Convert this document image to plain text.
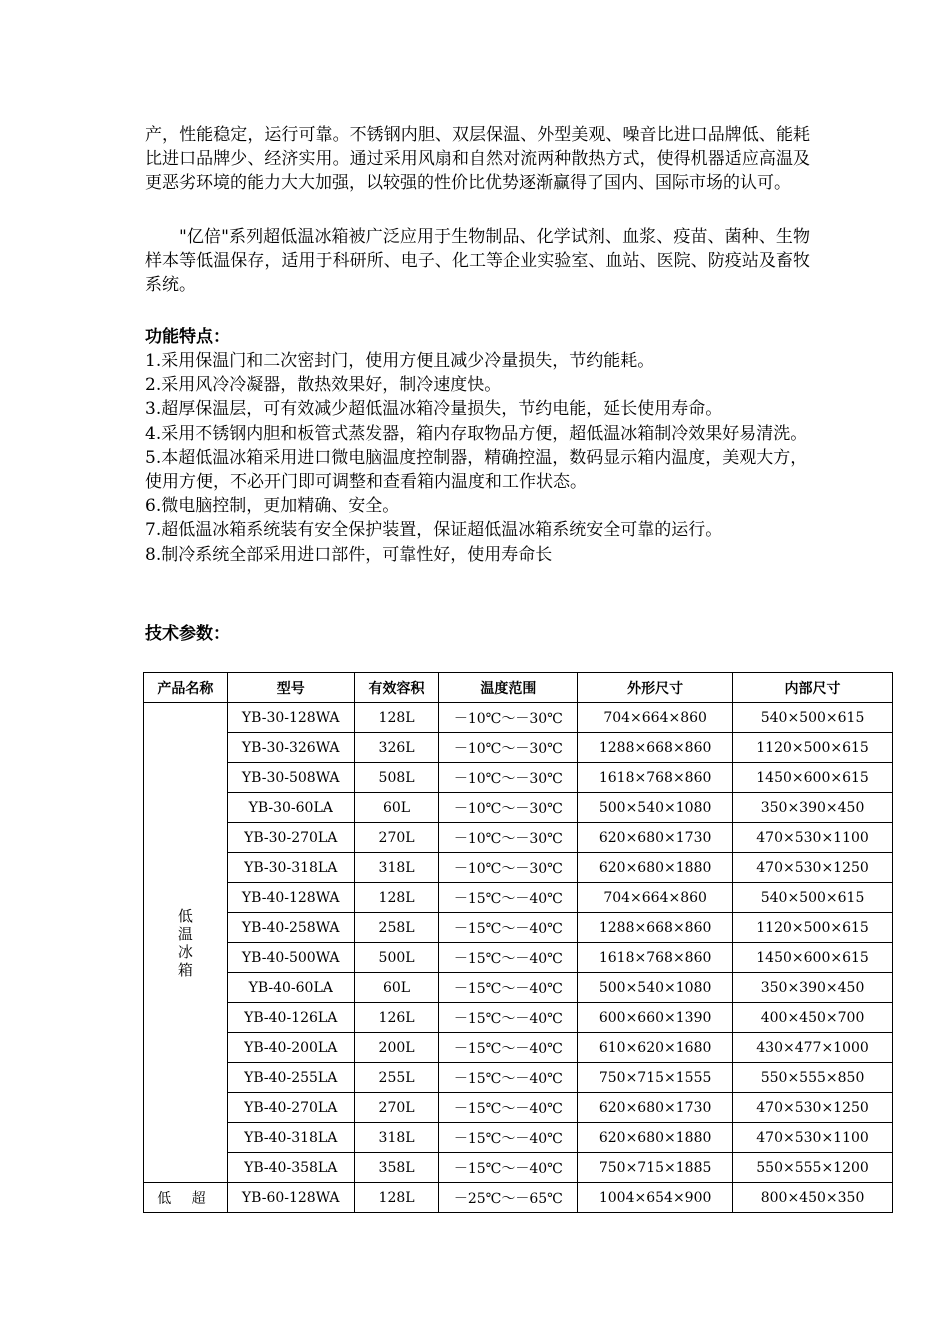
产，性能稳定，运行可靠。不锈钢内胆、双层保温、外型美观、噪音比进口品牌低、能耗比进口品牌少、经济实用。通过采用风扇和自然对流两种散热方式，使得机器适应高温及更恶劣环境的能力大大加强，以较强的性价比优势逐渐赢得了国内、国际市场的认可。

"亿倍"系列超低温冰箱被广泛应用于生物制品、化学试剂、血浆、疫苗、菌种、生物样本等低温保存，适用于科研所、电子、化工等企业实验室、血站、医院、防疫站及畜牧系统。

功能特点：

1.采用保温门和二次密封门，使用方便且减少冷量损失，节约能耗。
2.采用风冷冷凝器，散热效果好，制冷速度快。
3.超厚保温层，可有效减少超低温冰箱冷量损失，节约电能，延长使用寿命。
4.采用不锈钢内胆和板管式蒸发器，箱内存取物品方便，超低温冰箱制冷效果好易清洗。
5.本超低温冰箱采用进口微电脑温度控制器，精确控温，数码显示箱内温度，美观大方，使用方便，不必开门即可调整和查看箱内温度和工作状态。
6.微电脑控制，更加精确、安全。
7.超低温冰箱系统装有安全保护装置，保证超低温冰箱系统安全可靠的运行。
8.制冷系统全部采用进口部件，可靠性好，使用寿命长

技术参数：

产品名称	型号	有效容积	温度范围	外形尺寸	内部尺寸
低温冰箱	YB-30-128WA	128L	－10℃～－30℃	704×664×860	540×500×615
	YB-30-326WA	326L	－10℃～－30℃	1288×668×860	1120×500×615
	YB-30-508WA	508L	－10℃～－30℃	1618×768×860	1450×600×615
	YB-30-60LA	60L	－10℃～－30℃	500×540×1080	350×390×450
	YB-30-270LA	270L	－10℃～－30℃	620×680×1730	470×530×1100
	YB-30-318LA	318L	－10℃～－30℃	620×680×1880	470×530×1250
	YB-40-128WA	128L	－15℃～－40℃	704×664×860	540×500×615
	YB-40-258WA	258L	－15℃～－40℃	1288×668×860	1120×500×615
	YB-40-500WA	500L	－15℃～－40℃	1618×768×860	1450×600×615
	YB-40-60LA	60L	－15℃～－40℃	500×540×1080	350×390×450
	YB-40-126LA	126L	－15℃～－40℃	600×660×1390	400×450×700
	YB-40-200LA	200L	－15℃～－40℃	610×620×1680	430×477×1000
	YB-40-255LA	255L	－15℃～－40℃	750×715×1555	550×555×850
	YB-40-270LA	270L	－15℃～－40℃	620×680×1730	470×530×1250
	YB-40-318LA	318L	－15℃～－40℃	620×680×1880	470×530×1100
	YB-40-358LA	358L	－15℃～－40℃	750×715×1885	550×555×1200
低 超	YB-60-128WA	128L	－25℃～－65℃	1004×654×900	800×450×350
